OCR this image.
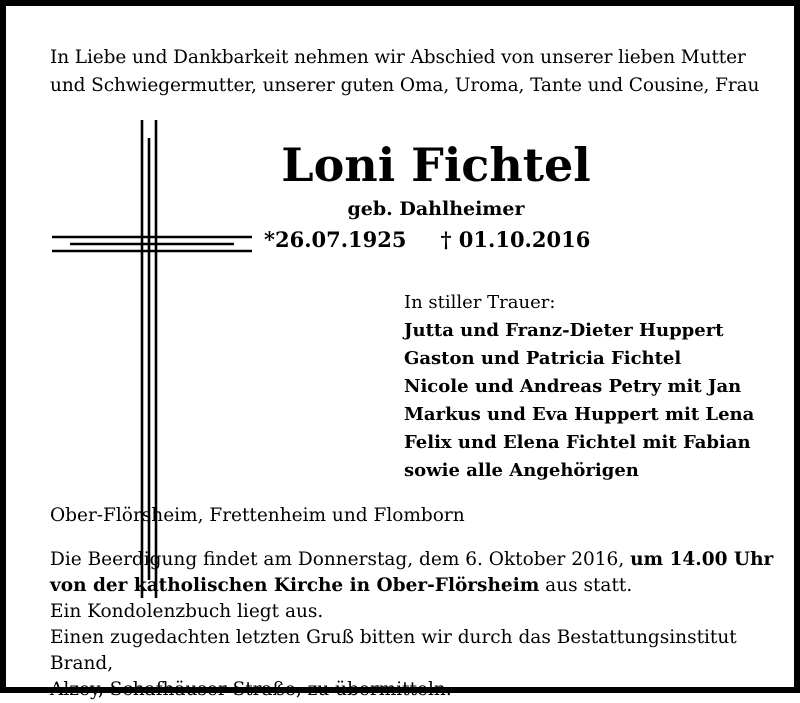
In Liebe und Dankbarkeit nehmen wir Abschied von unserer lieben Mutter
und Schwiegermutter, unserer guten Oma, Uroma, Tante und Cousine, Frau
Loni Fichtel
geb. Dahlheimer
*26.07.1925 † 01.10.2016
In stiller Trauer:
Jutta und Franz-Dieter Huppert
Gaston und Patricia Fichtel
Nicole und Andreas Petry mit Jan
Markus und Eva Huppert mit Lena
Felix und Elena Fichtel mit Fabian
sowie alle Angehörigen
Ober-Flörsheim, Frettenheim und Flomborn
Die Beerdigung findet am Donnerstag, dem 6. Oktober 2016, um 14.00 Uhr
von der katholischen Kirche in Ober-Flörsheim aus statt.
Ein Kondolenzbuch liegt aus.
Einen zugedachten letzten Gruß bitten wir durch das Bestattungsinstitut Brand,
Alzey, Schafhäuser Straße, zu übermitteln.
